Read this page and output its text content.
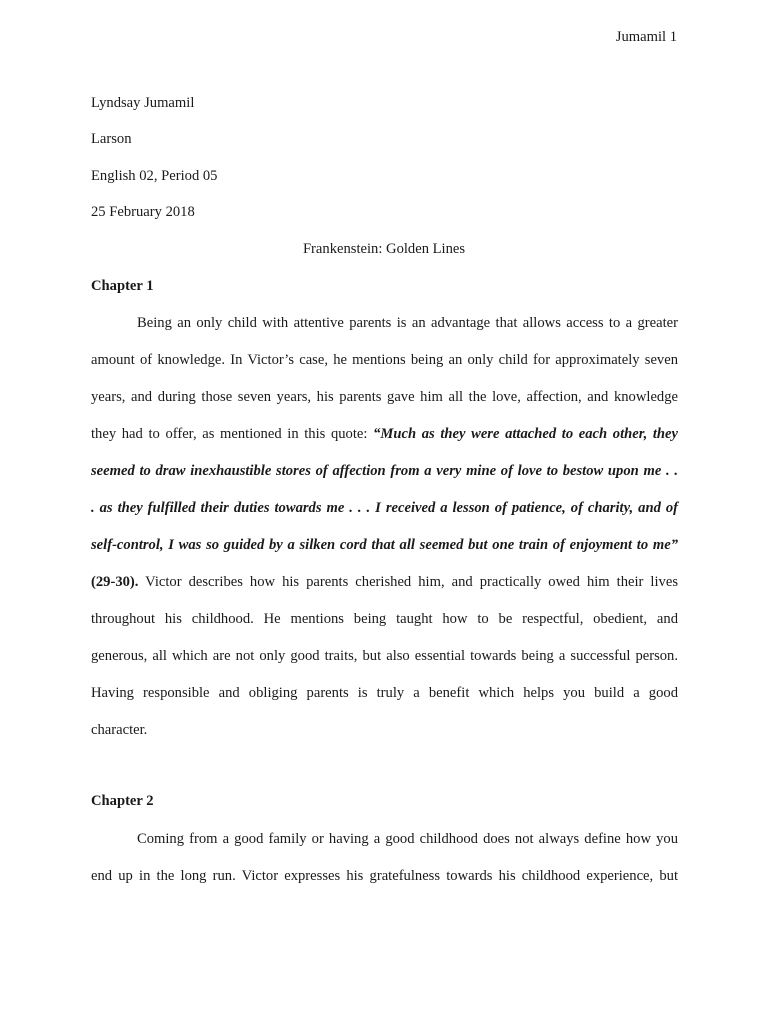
Jumamil 1
Lyndsay Jumamil
Larson
English 02, Period 05
25 February 2018
Frankenstein: Golden Lines
Chapter 1
Being an only child with attentive parents is an advantage that allows access to a greater
amount of knowledge. In Victor’s case, he mentions being an only child for approximately seven
years, and during those seven years, his parents gave him all the love, affection, and knowledge
they had to offer, as mentioned in this quote: “Much as they were attached to each other, they
seemed to draw inexhaustible stores of affection from a very mine of love to bestow upon me . .
. as they fulfilled their duties towards me . . . I received a lesson of patience, of charity, and of
self-control, I was so guided by a silken cord that all seemed but one train of enjoyment to me”
(29-30). Victor describes how his parents cherished him, and practically owed him their lives
throughout his childhood. He mentions being taught how to be respectful, obedient, and
generous, all which are not only good traits, but also essential towards being a successful person.
Having responsible and obliging parents is truly a benefit which helps you build a good
character.
Chapter 2
Coming from a good family or having a good childhood does not always define how you
end up in the long run. Victor expresses his gratefulness towards his childhood experience, but
